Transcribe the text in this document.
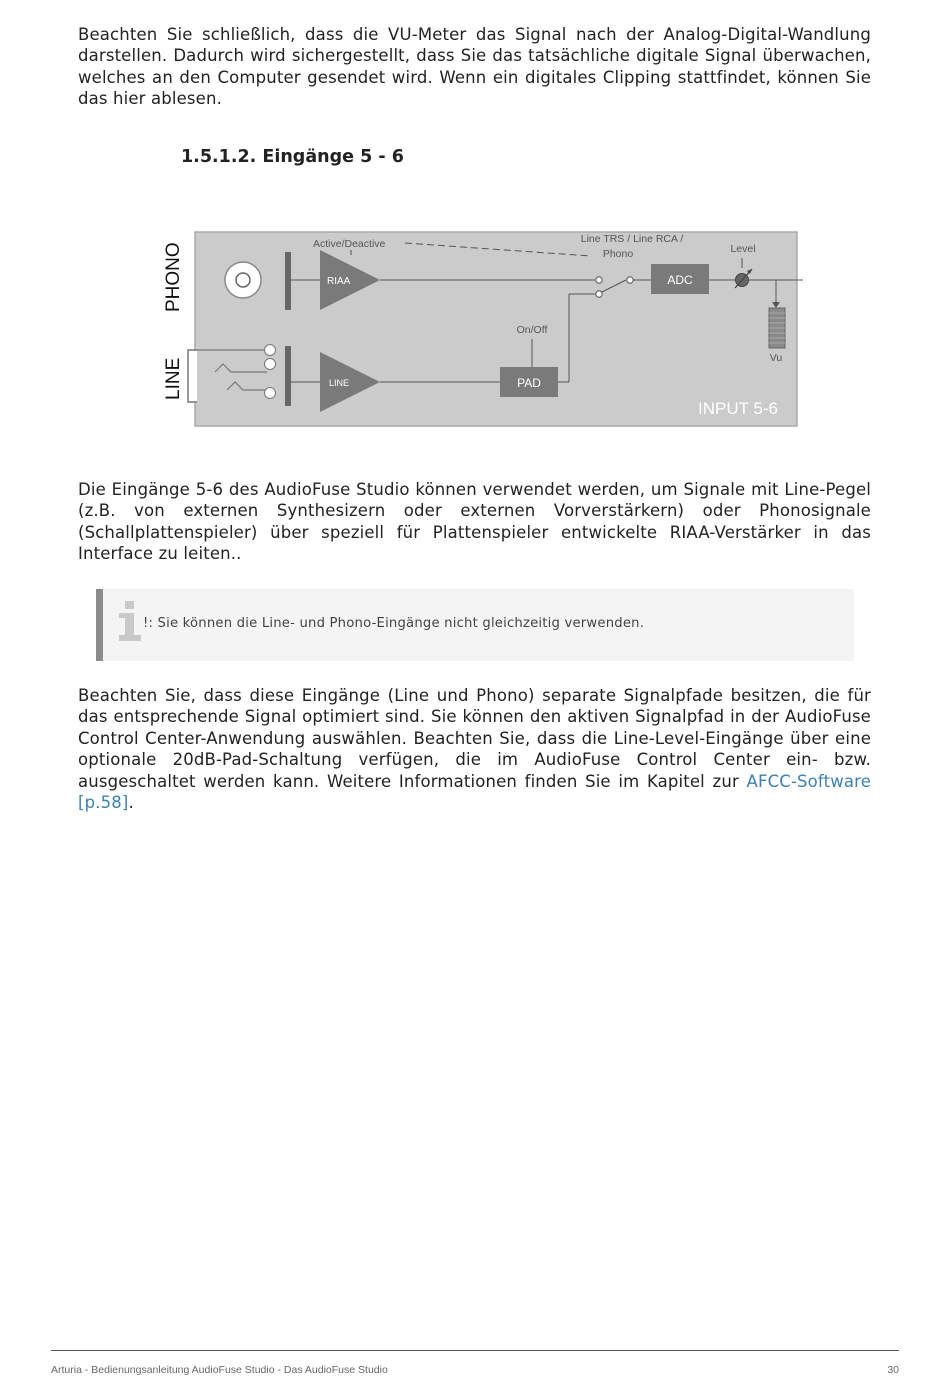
Beachten Sie schließlich, dass die VU-Meter das Signal nach der Analog-Digital-Wandlung darstellen. Dadurch wird sichergestellt, dass Sie das tatsächliche digitale Signal überwachen, welches an den Computer gesendet wird. Wenn ein digitales Clipping stattfindet, können Sie das hier ablesen.

1.5.1.2. Eingänge 5 - 6
PHONO
LINE
RIAA
LINE
Active/Deactive	Line TRS / Line RCA /
Phono
On/Off
PAD
ADC
Level
Vu
INPUT 5-6

Die Eingänge 5-6 des AudioFuse Studio können verwendet werden, um Signale mit Line-Pegel (z.B. von externen Synthesizern oder externen Vorverstärkern) oder Phonosignale (Schallplattenspieler) über speziell für Plattenspieler entwickelte RIAA-Verstärker in das Interface zu leiten..

!: Sie können die Line- und Phono-Eingänge nicht gleichzeitig verwenden.

Beachten Sie, dass diese Eingänge (Line und Phono) separate Signalpfade besitzen, die für das entsprechende Signal optimiert sind. Sie können den aktiven Signalpfad in der AudioFuse Control Center-Anwendung auswählen. Beachten Sie, dass die Line-Level-Eingänge über eine optionale 20dB-Pad-Schaltung verfügen, die im AudioFuse Control Center ein- bzw. ausgeschaltet werden kann. Weitere Informationen finden Sie im Kapitel zur AFCC-Software [p.58].

Arturia - Bedienungsanleitung AudioFuse Studio - Das AudioFuse Studio	30
